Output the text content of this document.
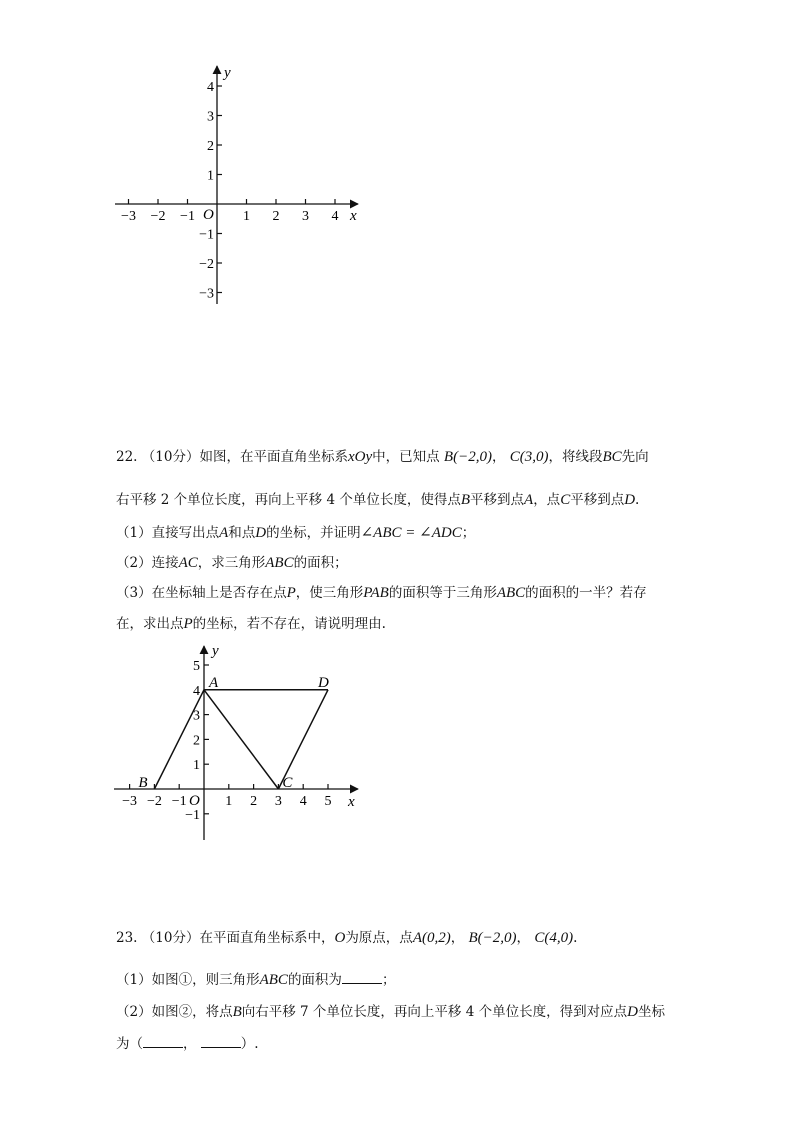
−3 −2 −1	1 2 3 4
4
3
2
1
−1
−2
−3
x
y
O
22. （10分）如图，在平面直角坐标系xOy中，已知点 B(−2,0)， C(3,0)，将线段BC先向
右平移 2 个单位长度，再向上平移 4 个单位长度，使得点B平移到点A，点C平移到点D.
（1）直接写出点A和点D的坐标，并证明∠ABC = ∠ADC；
（2）连接AC，求三角形ABC的面积；
（3）在坐标轴上是否存在点P，使三角形PAB的面积等于三角形ABC的面积的一半？若存
在，求出点P的坐标，若不存在，请说明理由.
−3 −2 −1	1 2 3 4 5
5
4
3
2
1
−1
A
B	C
D
x
y
O
23. （10分）在平面直角坐标系中，O为原点，点A(0,2)， B(−2,0)， C(4,0).
（1）如图①，则三角形ABC的面积为	；
（2）如图②，将点B向右平移 7 个单位长度，再向上平移 4 个单位长度，得到对应点D坐标
为（	，	）.
